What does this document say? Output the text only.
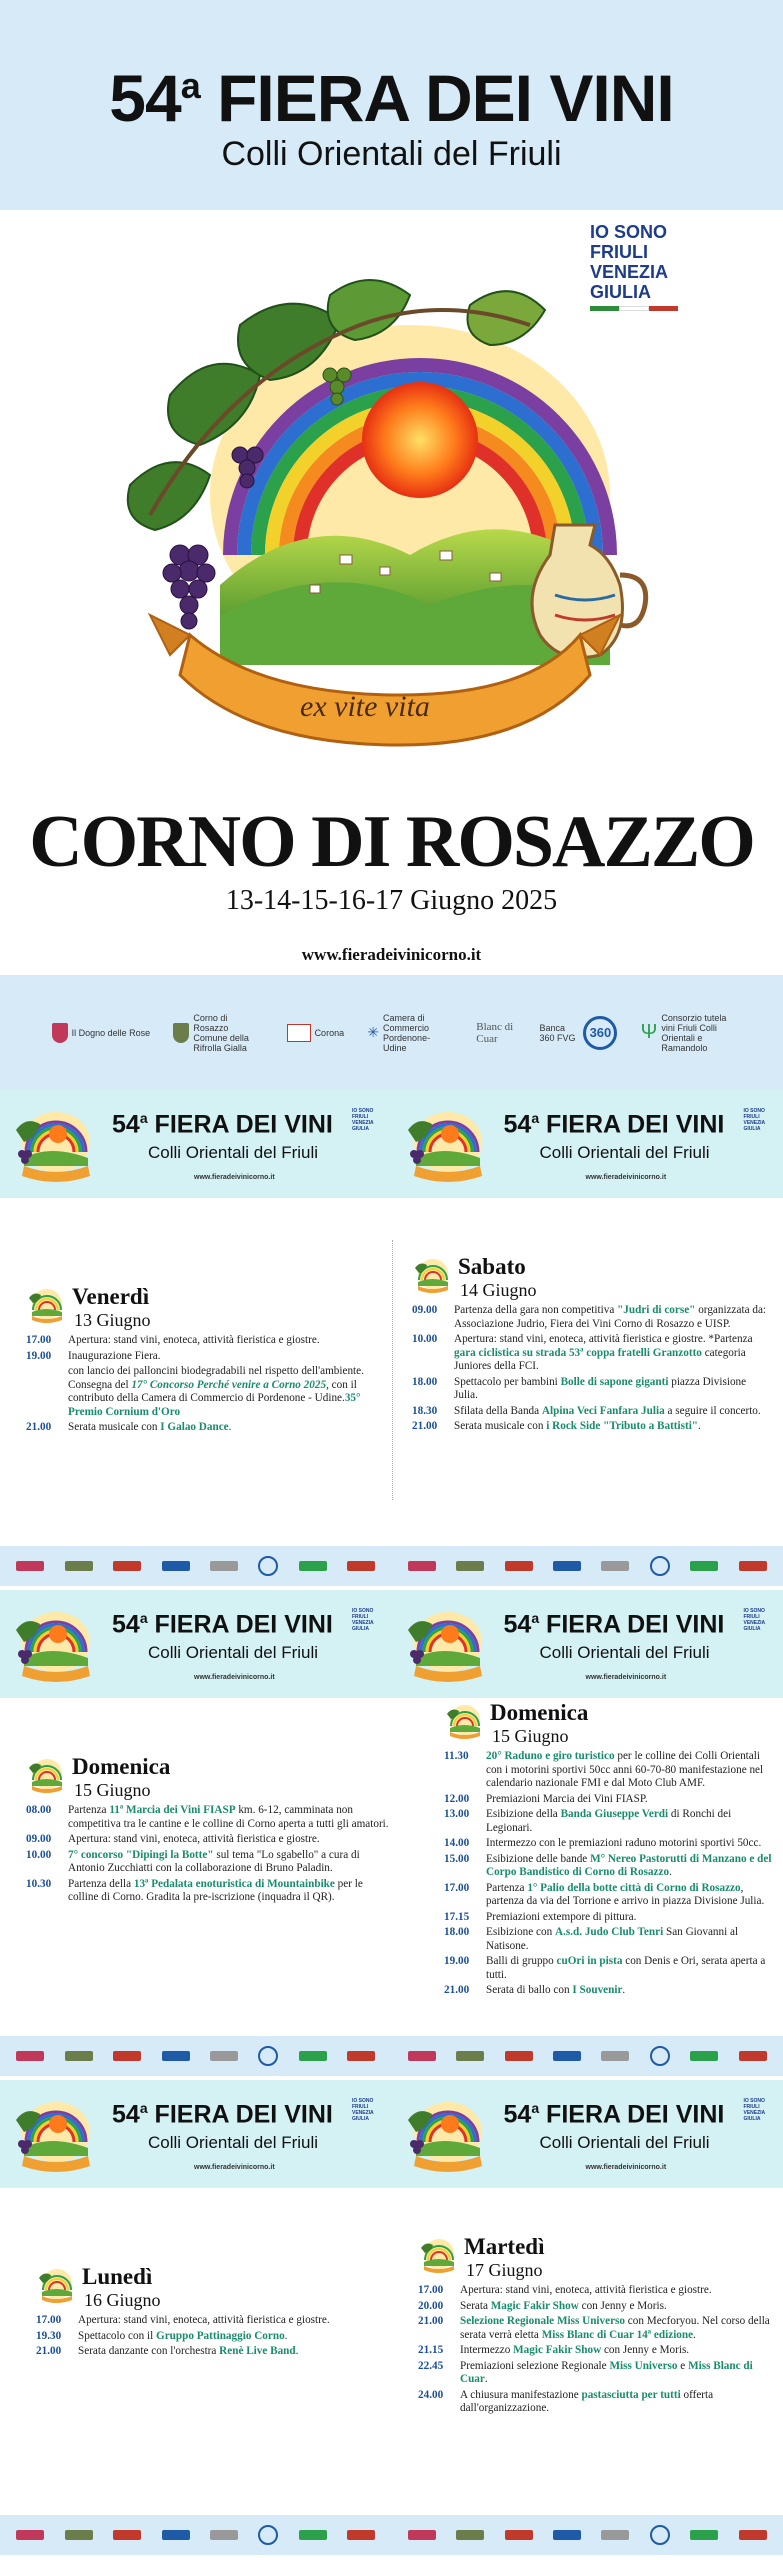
54$^a$ FIERA DEI VINI
Colli Orientali del Friuli
IO SONO
FRIULI
VENEZIA
GIULIA
ex vite vita
CORNO DI ROSAZZO
13-14-15-16-17 Giugno 2025
www.fieradeivinicorno.it
Il Dogno delle Rose
Corno di Rosazzo Comune della Rifrolla Gialla
Corona ✳
Camera di Commercio Pordenone-Udine
Blanc di Cuar
Banca 360 FVG	360	Ψ
Consorzio tutela vini Friuli Colli Orientali e Ramandolo
54$^a$ FIERA DEI VINI
Colli Orientali del Friuli
www.fieradeivinicorno.it
IO SONO FRIULI VENEZIA GIULIA	54$^a$ FIERA DEI VINI
Colli Orientali del Friuli
www.fieradeivinicorno.it
IO SONO FRIULI VENEZIA GIULIA
54$^a$ FIERA DEI VINI
Colli Orientali del Friuli
www.fieradeivinicorno.it
IO SONO FRIULI VENEZIA GIULIA	54$^a$ FIERA DEI VINI
Colli Orientali del Friuli
www.fieradeivinicorno.it
IO SONO FRIULI VENEZIA GIULIA
54$^a$ FIERA DEI VINI
Colli Orientali del Friuli
www.fieradeivinicorno.it
IO SONO FRIULI VENEZIA GIULIA	54$^a$ FIERA DEI VINI
Colli Orientali del Friuli
www.fieradeivinicorno.it
IO SONO FRIULI VENEZIA GIULIA
Venerdì
13 Giugno
17.00	Apertura: stand vini, enoteca, attività fieristica e giostre.
19.00	Inaugurazione Fiera.
con lancio dei palloncini biodegradabili nel rispetto dell'ambiente. Consegna del 17° Concorso Perché venire a Corno 2025, con il contributo della Camera di Commercio di Pordenone - Udine.35° Premio Cornium d'Oro
21.00	Serata musicale con I Galao Dance.
Sabato
14 Giugno
09.00	Partenza della gara non competitiva "Judri di corse" organizzata da: Associazione Judrio, Fiera dei Vini Corno di Rosazzo e UISP.
10.00	Apertura: stand vini, enoteca, attività fieristica e giostre. *Partenza gara ciclistica su strada 53ª coppa fratelli Granzotto categoria Juniores della FCI.
18.00	Spettacolo per bambini Bolle di sapone giganti piazza Divisione Julia.
18.30	Sfilata della Banda Alpina Veci Fanfara Julia a seguire il concerto.
21.00	Serata musicale con i Rock Side "Tributo a Battisti".
Domenica
15 Giugno
08.00	Partenza 11ª Marcia dei Vini FIASP km. 6-12, camminata non competitiva tra le cantine e le colline di Corno aperta a tutti gli amatori.
09.00	Apertura: stand vini, enoteca, attività fieristica e giostre.
10.00	7° concorso "Dipingi la Botte" sul tema "Lo sgabello" a cura di Antonio Zucchiatti con la collaborazione di Bruno Paladin.
10.30	Partenza della 13ª Pedalata enoturistica di Mountainbike per le colline di Corno. Gradita la pre-iscrizione (inquadra il QR).
Domenica
15 Giugno
11.30	20° Raduno e giro turistico per le colline dei Colli Orientali con i motorini sportivi 50cc anni 60-70-80 manifestazione nel calendario nazionale FMI e dal Moto Club AMF.
12.00	Premiazioni Marcia dei Vini FIASP.
13.00	Esibizione della Banda Giuseppe Verdi di Ronchi dei Legionari.
14.00	Intermezzo con le premiazioni raduno motorini sportivi 50cc.
15.00	Esibizione delle bande M° Nereo Pastorutti di Manzano e del Corpo Bandistico di Corno di Rosazzo.
17.00	Partenza 1° Palio della botte città di Corno di Rosazzo, partenza da via del Torrione e arrivo in piazza Divisione Julia.
17.15	Premiazioni extempore di pittura.
18.00	Esibizione con A.s.d. Judo Club Tenri San Giovanni al Natisone.
19.00	Balli di gruppo cuOri in pista con Denis e Ori, serata aperta a tutti.
21.00	Serata di ballo con I Souvenir.
Lunedì
16 Giugno
17.00	Apertura: stand vini, enoteca, attività fieristica e giostre.
19.30	Spettacolo con il Gruppo Pattinaggio Corno.
21.00	Serata danzante con l'orchestra Renè Live Band.
Martedì
17 Giugno
17.00	Apertura: stand vini, enoteca, attività fieristica e giostre.
20.00	Serata Magic Fakir Show con Jenny e Moris.
21.00	Selezione Regionale Miss Universo con Mecforyou. Nel corso della serata verrà eletta Miss Blanc di Cuar 14ª edizione.
21.15	Intermezzo Magic Fakir Show con Jenny e Moris.
22.45	Premiazioni selezione Regionale Miss Universo e Miss Blanc di Cuar.
24.00	A chiusura manifestazione pastasciutta per tutti offerta dall'organizzazione.
